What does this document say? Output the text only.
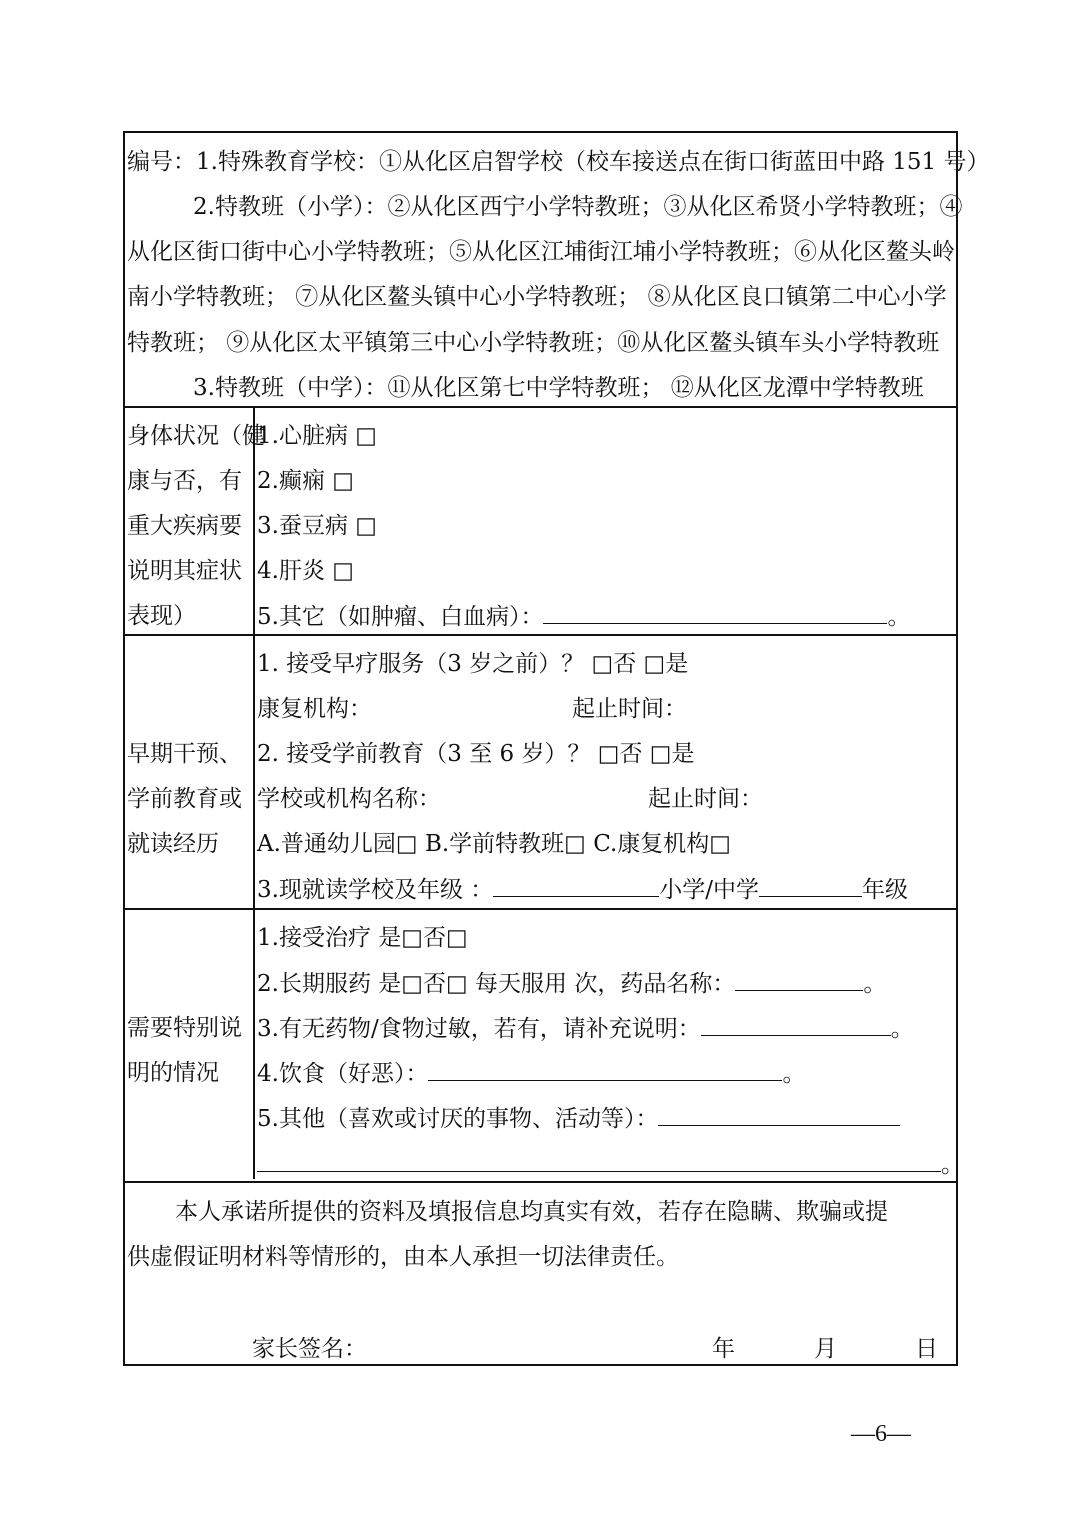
编号：1.特殊教育学校：①从化区启智学校（校车接送点在街口街蓝田中路 151 号）
2.特教班（小学）：②从化区西宁小学特教班；③从化区希贤小学特教班；④
从化区街口街中心小学特教班；⑤从化区江埔街江埔小学特教班；⑥从化区鳌头岭
南小学特教班； ⑦从化区鳌头镇中心小学特教班； ⑧从化区良口镇第二中心小学
特教班； ⑨从化区太平镇第三中心小学特教班；⑩从化区鳌头镇车头小学特教班
3.特教班（中学）：⑪从化区第七中学特教班； ⑫从化区龙潭中学特教班
身体状况（健
康与否，有
重大疾病要
说明其症状
表现）
1.心脏病 □
2.癫痫 □
3.蚕豆病 □
4.肝炎 □
5.其它（如肿瘤、白血病）：	。
早期干预、
学前教育或
就读经历
1. 接受早疗服务（3 岁之前）？ □否 □是
康复机构：	起止时间：
2. 接受学前教育（3 至 6 岁）？ □否 □是
学校或机构名称：	起止时间：
A.普通幼儿园□ B.学前特教班□ C.康复机构□
3.现就读学校及年级 ：	小学/中学	年级
需要特别说
明的情况
1.接受治疗 是□否□
2.长期服药 是□否□ 每天服用 次，药品名称：	。
3.有无药物/食物过敏，若有，请补充说明：	。
4.饮食（好恶）：	。
5.其他（喜欢或讨厌的事物、活动等）：
。
本人承诺所提供的资料及填报信息均真实有效，若存在隐瞒、欺骗或提
供虚假证明材料等情形的，由本人承担一切法律责任。
家长签名：	年	月	日
—6—
